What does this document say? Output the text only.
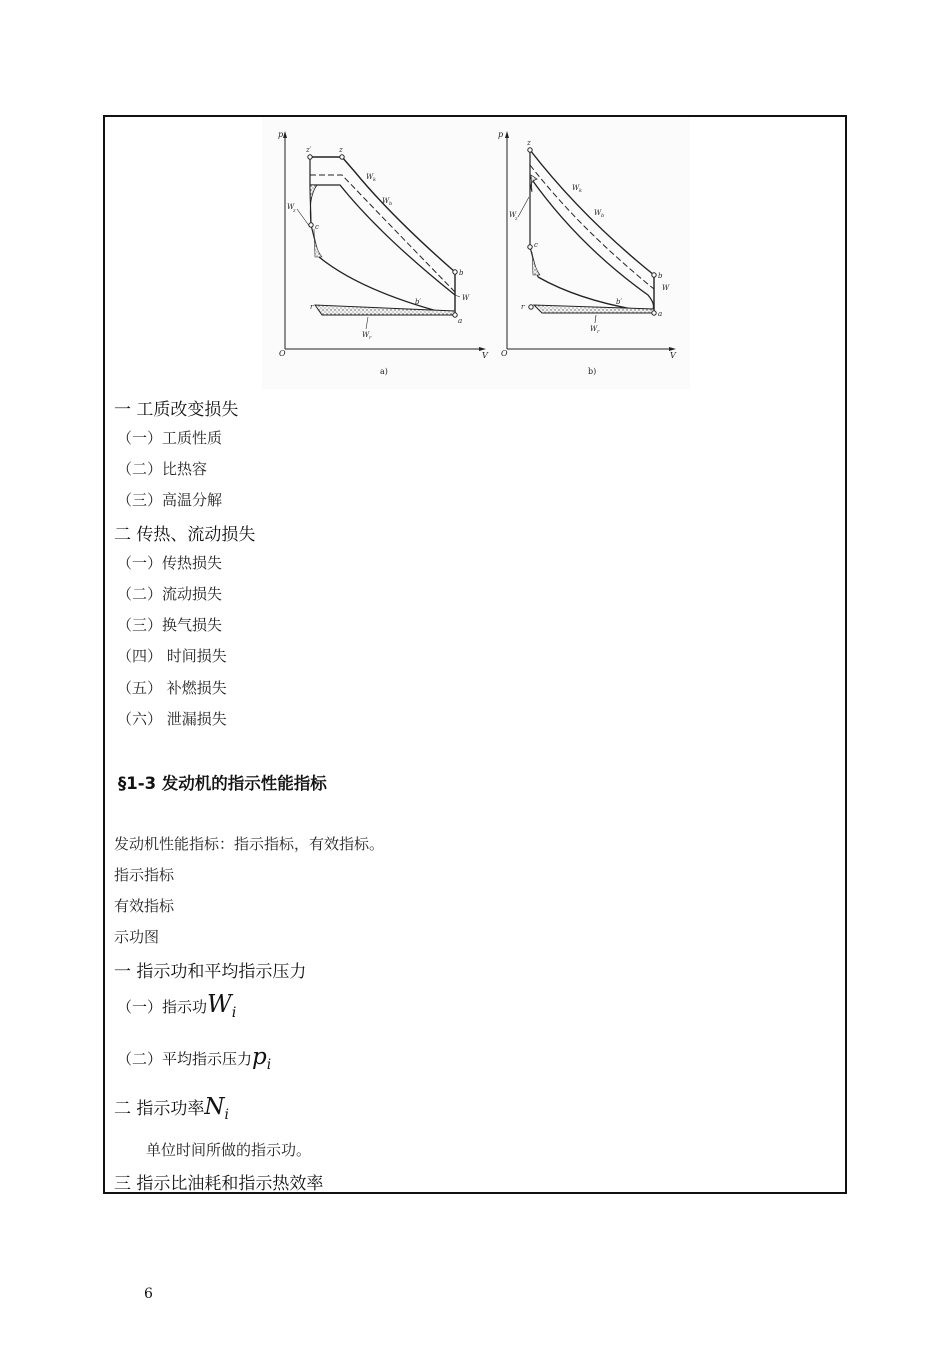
p
V
O
z′	z
W k
W b
W
z
c
b
W
b′
r
a
W r
a)
p
V
O
z
W k
W b
W
z
c
b
W
b′
r
a
W r
b)
一 工质改变损失
（一）工质性质
（二）比热容
（三）高温分解
二 传热、流动损失
（一）传热损失
（二）流动损失
（三）换气损失
（四） 时间损失
（五） 补燃损失
（六） 泄漏损失
§1-3 发动机的指示性能指标
发动机性能指标：指示指标，有效指标。
指示指标
有效指标
示功图
一 指示功和平均指示压力
（一）指示功$W_i$
（二）平均指示压力$p_i$
二 指示功率$N_i$
单位时间所做的指示功。
三 指示比油耗和指示热效率
6
